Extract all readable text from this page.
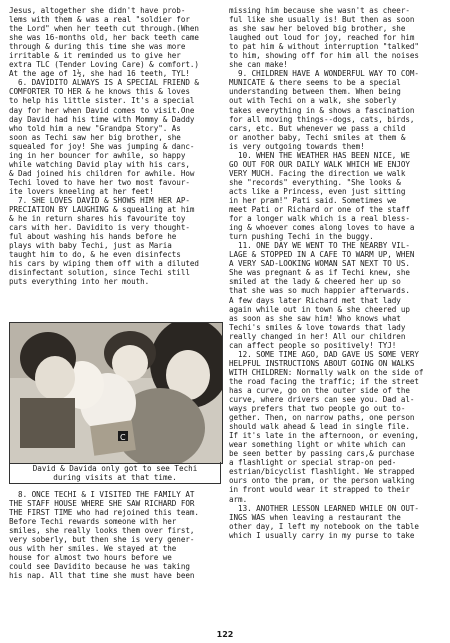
Jesus, altogether she didn't have prob-
lems with them & was a real "soldier for
the Lord" when her teeth cut through.(When
she was 16-months old, her back teeth came
through & during this time she was more
irritable & it reminded us to give her
extra TLC (Tender Loving Care) & comfort.)
At the age of 1½, she had 16 teeth, TYL!
6. DAVIDITO ALWAYS IS A SPECIAL FRIEND &
COMFORTER TO HER & he knows this & loves
to help his little sister. It's a special
day for her when David comes to visit.One
day David had his time with Mommy & Daddy
who told him a new "Grandpa Story". As
soon as Techi saw her big brother, she
squealed for joy! She was jumping & danc-
ing in her bouncer for awhile, so happy
while watching David play with his cars,
& Dad joined his children for awhile. How
Techi loved to have her two most favour-
ite lovers kneeling at her feet!
7. SHE LOVES DAVID & SHOWS HIM HER AP-
PRECIATION BY LAUGHING & squealing at him
& he in return shares his favourite toy
cars with her. Davidito is very thought-
ful about washing his hands before he
plays with baby Techi, just as Maria
taught him to do, & he even disinfects
his cars by wiping them off with a diluted
disinfectant solution, since Techi still
puts everything into her mouth.
C
David & Davida only got to see Techi
during visits at that time.
8. ONCE TECHI & I VISITED THE FAMILY AT
THE STAFF HOUSE WHERE SHE SAW RICHARD FOR
THE FIRST TIME who had rejoined this team.
Before Techi rewards someone with her
smiles, she really looks them over first,
very soberly, but then she is very gener-
ous with her smiles. We stayed at the
house for almost two hours before we
could see Davidito because he was taking
his nap. All that time she must have been
missing him because she wasn't as cheer-
ful like she usually is! But then as soon
as she saw her beloved big brother, she
laughed out loud for joy, reached for him
to pat him & without interruption "talked"
to him, showing off for him all the noises
she can make!
9. CHILDREN HAVE A WONDERFUL WAY TO COM-
MUNICATE & there seems to be a special
understanding between them. When being
out with Techi on a walk, she soberly
takes everything in & shows a fascination
for all moving things--dogs, cats, birds,
cars, etc. But whenever we pass a child
or another baby, Techi smiles at them &
is very outgoing towards them!
10. WHEN THE WEATHER HAS BEEN NICE, WE
GO OUT FOR OUR DAILY WALK WHICH WE ENJOY
VERY MUCH. Facing the direction we walk
she "records" everything. "She looks &
acts like a Princess, even just sitting
in her pram!" Pati said. Sometimes we
meet Pati or Richard or one of the staff
for a longer walk which is a real bless-
ing & whoever comes along loves to have a
turn pushing Techi in the buggy.
11. ONE DAY WE WENT TO THE NEARBY VIL-
LAGE & STOPPED IN A CAFE TO WARM UP, WHEN
A VERY SAD-LOOKING WOMAN SAT NEXT TO US.
She was pregnant & as if Techi knew, she
smiled at the lady & cheered her up so
that she was so much happier afterwards.
A few days later Richard met that lady
again while out in town & she cheered up
as soon as she saw him! Who knows what
Techi's smiles & love towards that lady
really changed in her! All our children
can affect people so positively! TYJ!
12. SOME TIME AGO, DAD GAVE US SOME VERY
HELPFUL INSTRUCTIONS ABOUT GOING ON WALKS
WITH CHILDREN: Normally walk on the side of
the road facing the traffic; if the street
has a curve, go on the outer side of the
curve, where drivers can see you. Dad al-
ways prefers that two people go out to-
gether. Then, on narrow paths, one person
should walk ahead & lead in single file.
If it's late in the afternoon, or evening,
wear something light or white which can
be seen better by passing cars,& purchase
a flashlight or special strap-on ped-
estrian/bicyclist flashlight. We strapped
ours onto the pram, or the person walking
in front would wear it strapped to their
arm.
13. ANOTHER LESSON LEARNED WHILE ON OUT-
INGS WAS when leaving a restaurant the
other day, I left my notebook on the table
which I usually carry in my purse to take
122
